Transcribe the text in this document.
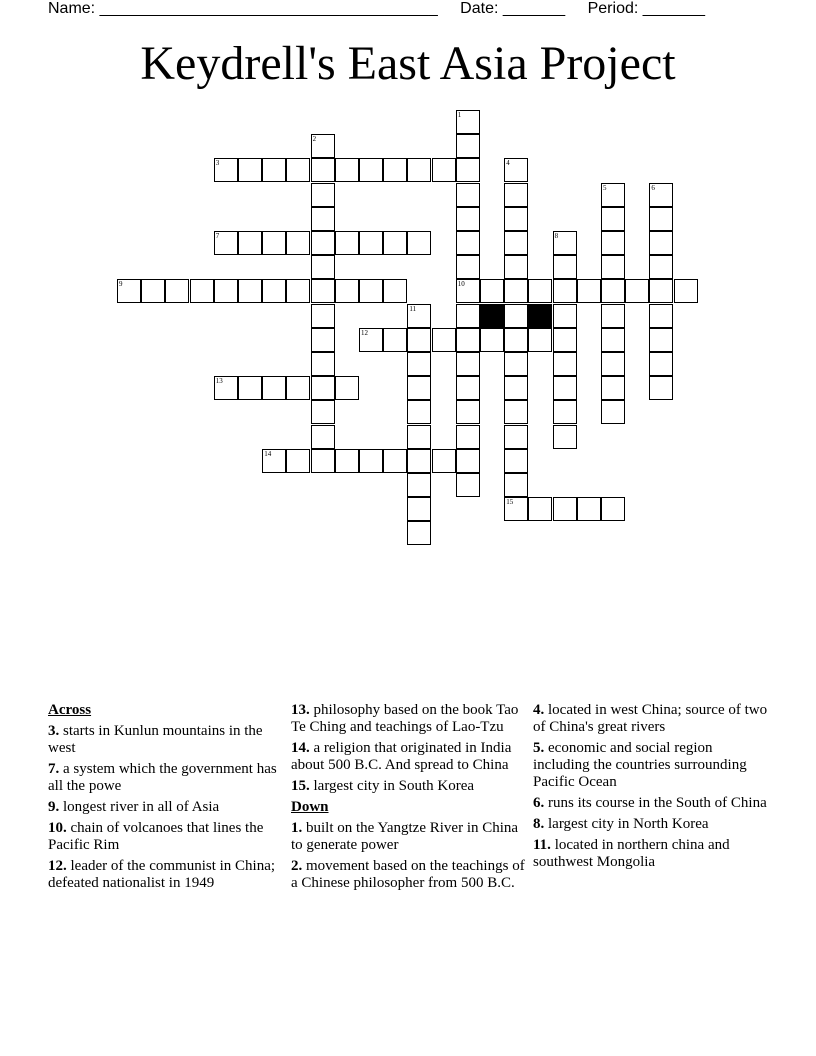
Name: ______________________________________ Date: _______ Period: _______
Keydrell's East Asia Project
1
10
2
3	4
15
5	6
7	8
9
11
12
13
14
Across
3. starts in Kunlun mountains in the west
7. a system which the government has all the powe
9. longest river in all of Asia
10. chain of volcanoes that lines the Pacific Rim
12. leader of the communist in China; defeated nationalist in 1949
13. philosophy based on the book Tao Te Ching and teachings of Lao-Tzu
14. a religion that originated in India about 500 B.C. And spread to China
15. largest city in South Korea
Down
1. built on the Yangtze River in China to generate power
2. movement based on the teachings of a Chinese philosopher from 500 B.C.
4. located in west China; source of two of China's great rivers
5. economic and social region including the countries surrounding Pacific Ocean
6. runs its course in the South of China
8. largest city in North Korea
11. located in northern china and southwest Mongolia
